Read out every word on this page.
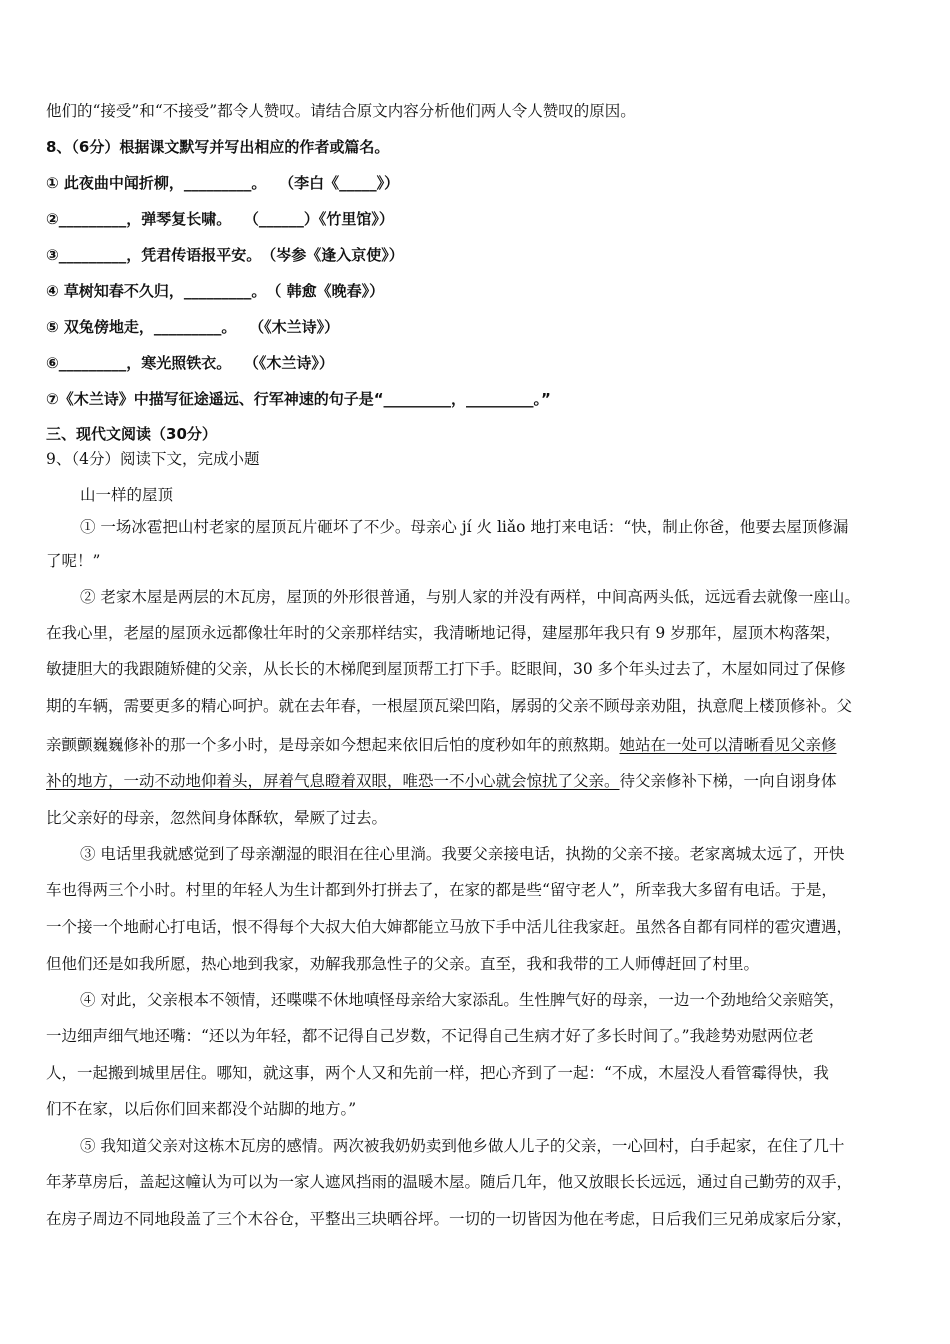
他们的“接受”和“不接受”都令人赞叹。请结合原文内容分析他们两人令人赞叹的原因。
8、（6分）根据课文默写并写出相应的作者或篇名。
① 此夜曲中闻折柳，_________。　 （李白《_____》）
②_________，弹琴复长啸。　 （______）《竹里馆》）
③_________，凭君传语报平安。　（岑参《逢入京使》）
④ 草树知春不久归，_________。　（ 韩愈《晚春》）
⑤ 双兔傍地走，_________。　 （《木兰诗》）
⑥_________，寒光照铁衣。　 （《木兰诗》）
⑦《木兰诗》中描写征途遥远、行军神速的句子是“_________，_________。”
三、现代文阅读（30分）
9、（4分）阅读下文，完成小题
山一样的屋顶
① 一场冰雹把山村老家的屋顶瓦片砸坏了不少。母亲心 jí 火 liǎo 地打来电话：“快，制止你爸，他要去屋顶修漏
了呢！”
② 老家木屋是两层的木瓦房，屋顶的外形很普通，与别人家的并没有两样，中间高两头低，远远看去就像一座山。
在我心里，老屋的屋顶永远都像壮年时的父亲那样结实，我清晰地记得，建屋那年我只有 9 岁那年，屋顶木构落架，
敏捷胆大的我跟随矫健的父亲，从长长的木梯爬到屋顶帮工打下手。眨眼间，30 多个年头过去了，木屋如同过了保修
期的车辆，需要更多的精心呵护。就在去年春，一根屋顶瓦梁凹陷，孱弱的父亲不顾母亲劝阻，执意爬上楼顶修补。父
亲颤颤巍巍修补的那一个多小时，是母亲如今想起来依旧后怕的度秒如年的煎熬期。她站在一处可以清晰看见父亲修
补的地方，一动不动地仰着头，屏着气息瞪着双眼，唯恐一不小心就会惊扰了父亲。待父亲修补下梯，一向自诩身体
比父亲好的母亲，忽然间身体酥软，晕厥了过去。
③ 电话里我就感觉到了母亲潮湿的眼泪在往心里淌。我要父亲接电话，执拗的父亲不接。老家离城太远了，开快
车也得两三个小时。村里的年轻人为生计都到外打拼去了，在家的都是些“留守老人”，所幸我大多留有电话。于是，
一个接一个地耐心打电话，恨不得每个大叔大伯大婶都能立马放下手中活儿往我家赶。虽然各自都有同样的雹灾遭遇，
但他们还是如我所愿，热心地到我家，劝解我那急性子的父亲。直至，我和我带的工人师傅赶回了村里。
④ 对此，父亲根本不领情，还喋喋不休地嗔怪母亲给大家添乱。生性脾气好的母亲，一边一个劲地给父亲赔笑，
一边细声细气地还嘴：“还以为年轻，都不记得自己岁数，不记得自己生病才好了多长时间了。”我趁势劝慰两位老
人，一起搬到城里居住。哪知，就这事，两个人又和先前一样，把心齐到了一起：“不成，木屋没人看管霉得快，我
们不在家，以后你们回来都没个站脚的地方。”
⑤ 我知道父亲对这栋木瓦房的感情。两次被我奶奶卖到他乡做人儿子的父亲，一心回村，白手起家，在住了几十
年茅草房后，盖起这幢认为可以为一家人遮风挡雨的温暖木屋。随后几年，他又放眼长长远远，通过自己勤劳的双手，
在房子周边不同地段盖了三个木谷仓，平整出三块晒谷坪。一切的一切皆因为他在考虑，日后我们三兄弟成家后分家，
